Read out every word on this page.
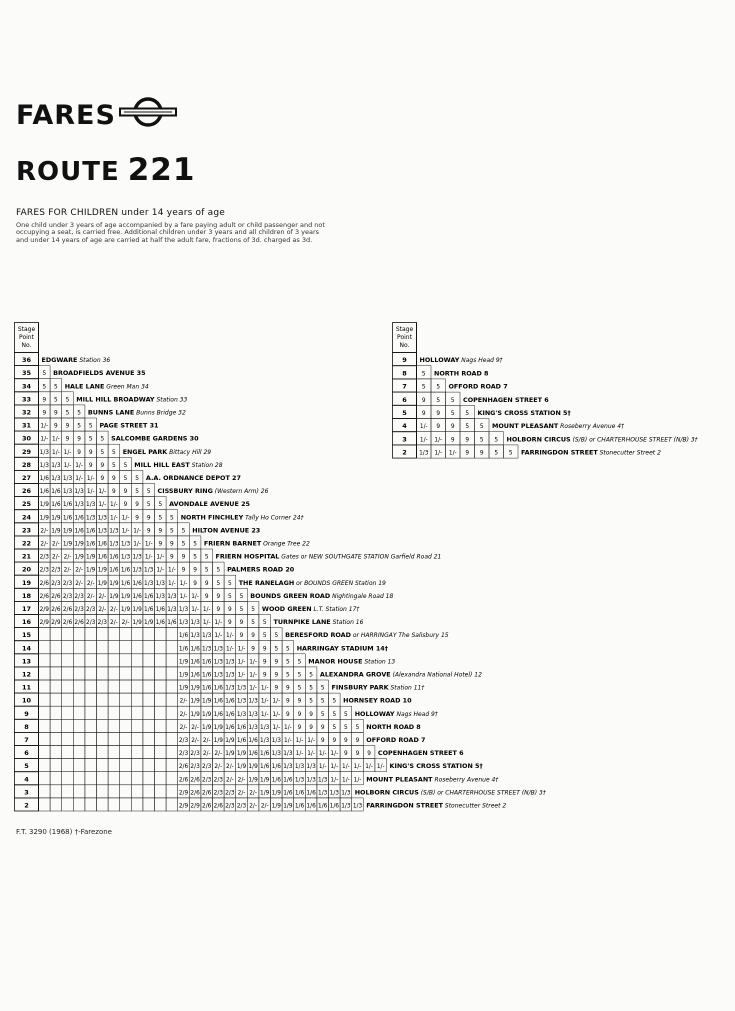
FARES
ROUTE 221
FARES FOR CHILDREN under 14 years of age
One child under 3 years of age accompanied by a fare paying adult or child passenger and not occupying a seat, is carried free. Additional children under 3 years and all children of 3 years and under 14 years of age are carried at half the adult fare, fractions of 3d. charged as 3d.
Stage
Point
No.
36 EDGWARE Station 36
35 5 BROADFIELDS AVENUE 35
34 5 5 HALE LANE Green Man 34
33 9 5 5 MILL HILL BROADWAY Station 33
32 9 9 5 5 BUNNS LANE Bunns Bridge 32
31 1/- 9 9 5 5 PAGE STREET 31
30 1/- 1/- 9 9 5 5 SALCOMBE GARDENS 30
29 1/3 1/- 1/- 9 9 5 5 ENGEL PARK Bittacy Hill 29
28 1/3 1/3 1/- 1/- 9 9 5 5 MILL HILL EAST Station 28
27 1/6 1/3 1/3 1/- 1/- 9 9 5 5 A.A. ORDNANCE DEPOT 27
26 1/6 1/6 1/3 1/3 1/- 1/- 9 9 5 5 CISSBURY RING (Western Arm) 26
25 1/9 1/6 1/6 1/3 1/3 1/- 1/- 9 9 5 5 AVONDALE AVENUE 25
24 1/9 1/9 1/6 1/6 1/3 1/3 1/- 1/- 9 9 5 5 NORTH FINCHLEY Tally Ho Corner 24†
23 2/- 1/9 1/9 1/6 1/6 1/3 1/3 1/- 1/- 9 9 5 5 HILTON AVENUE 23
22 2/- 2/- 1/9 1/9 1/6 1/6 1/3 1/3 1/- 1/- 9 9 5 5 FRIERN BARNET Orange Tree 22
21 2/3 2/- 2/- 1/9 1/9 1/6 1/6 1/3 1/3 1/- 1/- 9 9 5 5 FRIERN HOSPITAL Gates or NEW SOUTHGATE STATION Garfield Road 21
20 2/3 2/3 2/- 2/- 1/9 1/9 1/6 1/6 1/3 1/3 1/- 1/- 9 9 5 5 PALMERS ROAD 20
19 2/6 2/3 2/3 2/- 2/- 1/9 1/9 1/6 1/6 1/3 1/3 1/- 1/- 9 9 5 5 THE RANELAGH or BOUNDS GREEN Station 19
18 2/6 2/6 2/3 2/3 2/- 2/- 1/9 1/9 1/6 1/6 1/3 1/3 1/- 1/- 9 9 5 5 BOUNDS GREEN ROAD Nightingale Road 18
17 2/9 2/6 2/6 2/3 2/3 2/- 2/- 1/9 1/9 1/6 1/6 1/3 1/3 1/- 1/- 9 9 5 5 WOOD GREEN L.T. Station 17†
16 2/9 2/9 2/6 2/6 2/3 2/3 2/- 2/- 1/9 1/9 1/6 1/6 1/3 1/3 1/- 1/- 9 9 5 5 TURNPIKE LANE Station 16
15	1/6 1/3 1/3 1/- 1/- 9 9 5 5 BERESFORD ROAD or HARRINGAY The Salisbury 15
14	1/6 1/6 1/3 1/3 1/- 1/- 9 9 5 5 HARRINGAY STADIUM 14†
13	1/9 1/6 1/6 1/3 1/3 1/- 1/- 9 9 5 5 MANOR HOUSE Station 13
12	1/9 1/6 1/6 1/3 1/3 1/- 1/- 9 9 5 5 5 ALEXANDRA GROVE (Alexandra National Hotel) 12
11	1/9 1/9 1/6 1/6 1/3 1/3 1/- 1/- 9 9 5 5 5 FINSBURY PARK Station 11†
10	2/- 1/9 1/9 1/6 1/6 1/3 1/3 1/- 1/- 9 9 5 5 5 HORNSEY ROAD 10
9	2/- 1/9 1/9 1/6 1/6 1/3 1/3 1/- 1/- 9 9 9 5 5 5 HOLLOWAY Nags Head 9†
8	2/- 2/- 1/9 1/9 1/6 1/6 1/3 1/3 1/- 1/- 9 9 9 5 5 5 NORTH ROAD 8
7	2/3 2/- 2/- 1/9 1/9 1/6 1/6 1/3 1/3 1/- 1/- 1/- 9 9 9 9 OFFORD ROAD 7
6	2/3 2/3 2/- 2/- 1/9 1/9 1/6 1/6 1/3 1/3 1/- 1/- 1/- 1/- 9 9 9 COPENHAGEN STREET 6
5	2/6 2/3 2/3 2/- 2/- 1/9 1/9 1/6 1/6 1/3 1/3 1/3 1/- 1/- 1/- 1/- 1/- 1/- KING'S CROSS STATION 5†
4	2/6 2/6 2/3 2/3 2/- 2/- 1/9 1/9 1/6 1/6 1/3 1/3 1/3 1/- 1/- 1/- MOUNT PLEASANT Roseberry Avenue 4†
3	2/9 2/6 2/6 2/3 2/3 2/- 2/- 1/9 1/9 1/6 1/6 1/6 1/3 1/3 1/3 HOLBORN CIRCUS (S/B) or CHARTERHOUSE STREET (N/B) 3†
2	2/9 2/9 2/6 2/6 2/3 2/3 2/- 2/- 1/9 1/9 1/6 1/6 1/6 1/6 1/3 1/3 FARRINGDON STREET Stonecutter Street 2
Stage
Point
No.
9 HOLLOWAY Nags Head 9†
8	5 NORTH ROAD 8
7	5 5 OFFORD ROAD 7
6	9 5 5 COPENHAGEN STREET 6
5	9 9 5 5 KING'S CROSS STATION 5†
4 1/- 9 9 5 5 MOUNT PLEASANT Roseberry Avenue 4†
3 1/- 1/- 9 9 5 5 HOLBORN CIRCUS (S/B) or CHARTERHOUSE STREET (N/B) 3†
2 1/3 1/- 1/- 9 9 5 5 FARRINGDON STREET Stonecutter Street 2
F.T. 3290 (1968) †-Farezone
